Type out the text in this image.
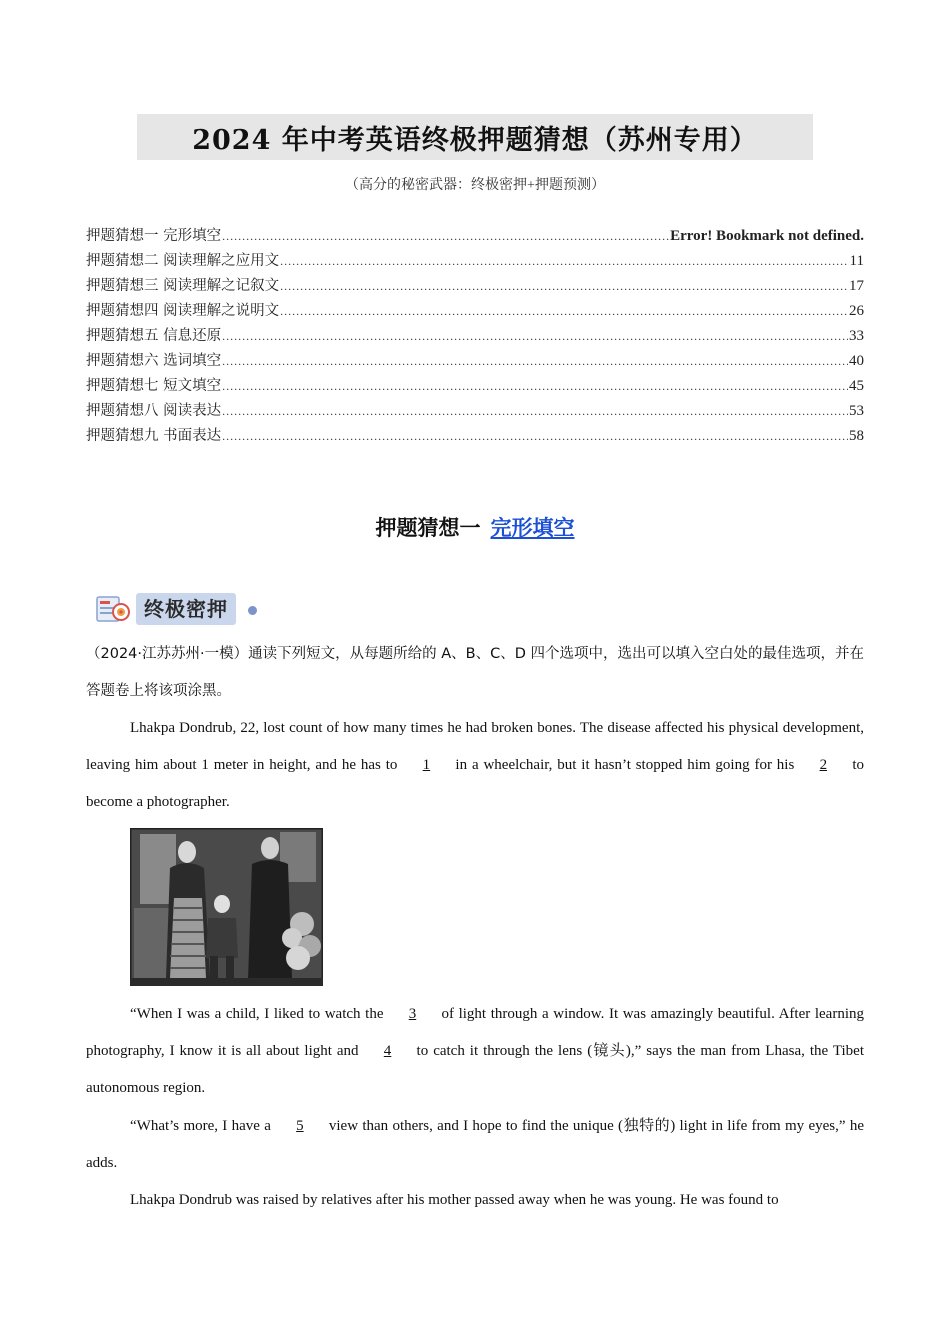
2024 年中考英语终极押题猜想（苏州专用）
（高分的秘密武器：终极密押+押题预测）
押题猜想一 完形填空 .....	Error! Bookmark not defined.
押题猜想二 阅读理解之应用文 .....	11
押题猜想三 阅读理解之记叙文 .....	17
押题猜想四 阅读理解之说明文 .....	26
押题猜想五 信息还原 .....	33
押题猜想六 选词填空 .....	40
押题猜想七 短文填空 .....	45
押题猜想八 阅读表达 .....	53
押题猜想九 书面表达 .....	58
押题猜想一 完形填空
终极密押
（2024·江苏苏州·一模）通读下列短文，从每题所给的 A、B、C、D 四个选项中，选出可以填入空白处的最佳选项，并在答题卷上将该项涂黑。
Lhakpa Dondrub, 22, lost count of how many times he had broken bones. The disease affected his physical development, leaving him about 1 meter in height, and he has to 1 in a wheelchair, but it hasn’t stopped him going for his 2 to become a photographer.
“When I was a child, I liked to watch the 3 of light through a window. It was amazingly beautiful. After learning photography, I know it is all about light and 4 to catch it through the lens (镜头),” says the man from Lhasa, the Tibet autonomous region.
“What’s more, I have a 5 view than others, and I hope to find the unique (独特的) light in life from my eyes,” he adds.
Lhakpa Dondrub was raised by relatives after his mother passed away when he was young. He was found to
